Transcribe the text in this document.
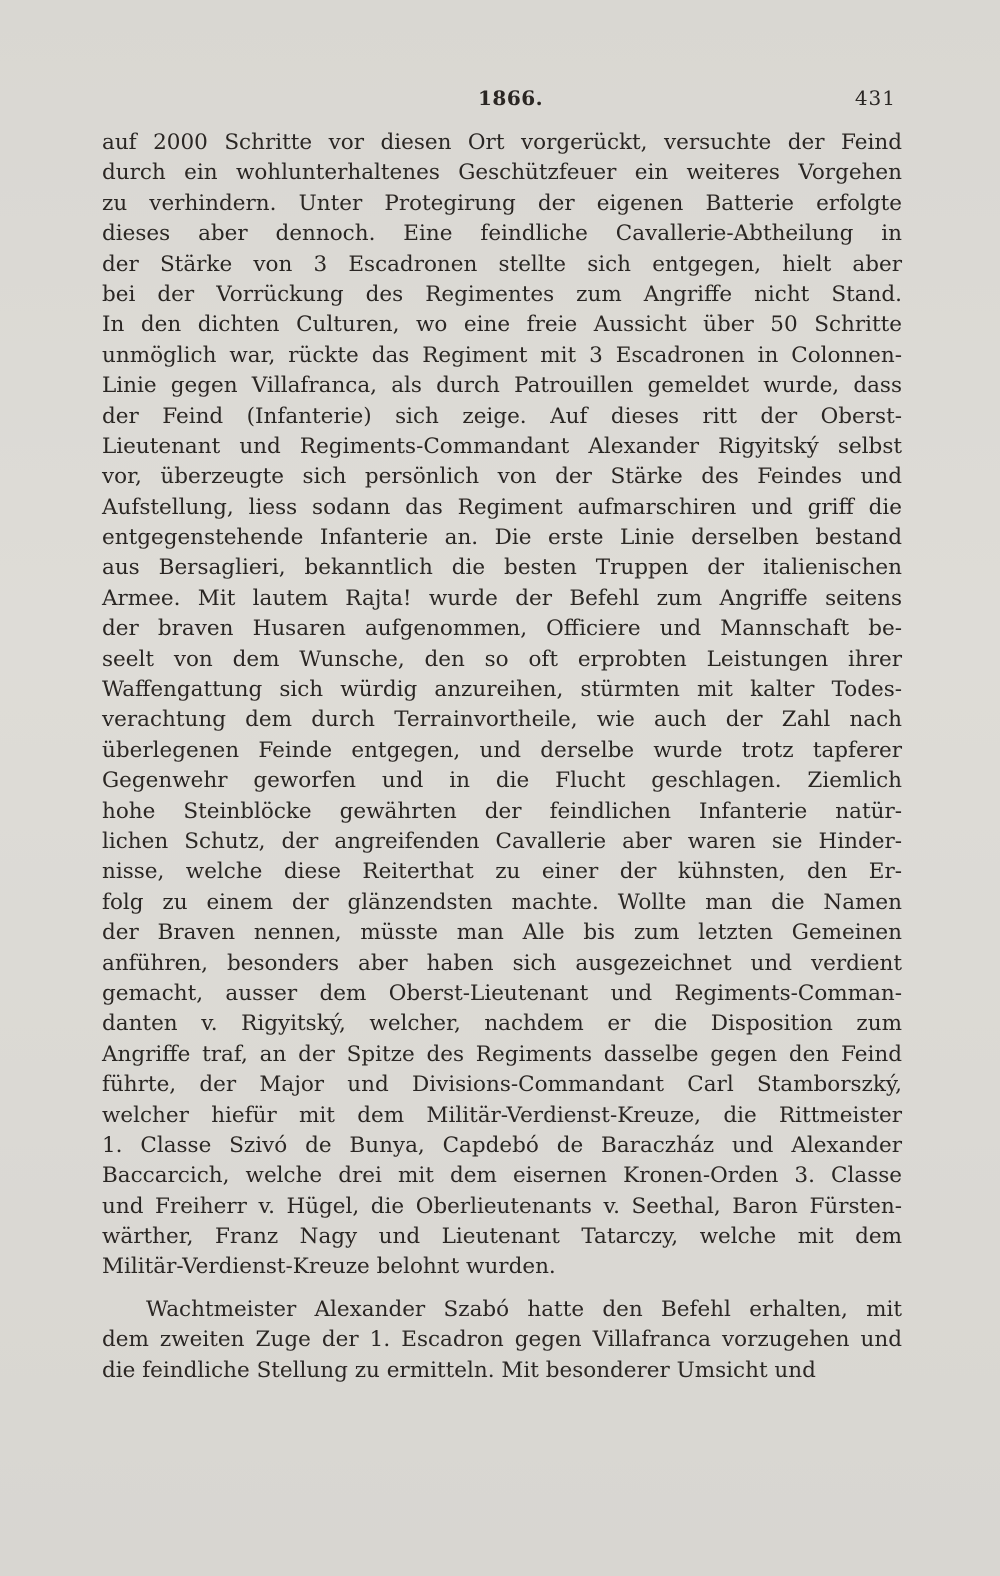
1866.	431
auf 2000 Schritte vor diesen Ort vorgerückt, versuchte der Feind
durch ein wohlunterhaltenes Geschützfeuer ein weiteres Vorgehen
zu verhindern. Unter Protegirung der eigenen Batterie erfolgte
dieses aber dennoch. Eine feindliche Cavallerie-Abtheilung in
der Stärke von 3 Escadronen stellte sich entgegen, hielt aber
bei der Vorrückung des Regimentes zum Angriffe nicht Stand.
In den dichten Culturen, wo eine freie Aussicht über 50 Schritte
unmöglich war, rückte das Regiment mit 3 Escadronen in Colonnen-
Linie gegen Villafranca, als durch Patrouillen gemeldet wurde, dass
der Feind (Infanterie) sich zeige. Auf dieses ritt der Oberst-
Lieutenant und Regiments-Commandant Alexander Rigyitský selbst
vor, überzeugte sich persönlich von der Stärke des Feindes und
Aufstellung, liess sodann das Regiment aufmarschiren und griff die
entgegenstehende Infanterie an. Die erste Linie derselben bestand
aus Bersaglieri, bekanntlich die besten Truppen der italienischen
Armee. Mit lautem Rajta! wurde der Befehl zum Angriffe seitens
der braven Husaren aufgenommen, Officiere und Mannschaft be-
seelt von dem Wunsche, den so oft erprobten Leistungen ihrer
Waffengattung sich würdig anzureihen, stürmten mit kalter Todes-
verachtung dem durch Terrainvortheile, wie auch der Zahl nach
überlegenen Feinde entgegen, und derselbe wurde trotz tapferer
Gegenwehr geworfen und in die Flucht geschlagen. Ziemlich
hohe Steinblöcke gewährten der feindlichen Infanterie natür-
lichen Schutz, der angreifenden Cavallerie aber waren sie Hinder-
nisse, welche diese Reiterthat zu einer der kühnsten, den Er-
folg zu einem der glänzendsten machte. Wollte man die Namen
der Braven nennen, müsste man Alle bis zum letzten Gemeinen
anführen, besonders aber haben sich ausgezeichnet und verdient
gemacht, ausser dem Oberst-Lieutenant und Regiments-Comman-
danten v. Rigyitský, welcher, nachdem er die Disposition zum
Angriffe traf, an der Spitze des Regiments dasselbe gegen den Feind
führte, der Major und Divisions-Commandant Carl Stamborszký,
welcher hiefür mit dem Militär-Verdienst-Kreuze, die Rittmeister
1. Classe Szivó de Bunya, Capdebó de Baraczház und Alexander
Baccarcich, welche drei mit dem eisernen Kronen-Orden 3. Classe
und Freiherr v. Hügel, die Oberlieutenants v. Seethal, Baron Fürsten-
wärther, Franz Nagy und Lieutenant Tatarczy, welche mit dem
Militär-Verdienst-Kreuze belohnt wurden.
Wachtmeister Alexander Szabó hatte den Befehl erhalten, mit
dem zweiten Zuge der 1. Escadron gegen Villafranca vorzugehen und
die feindliche Stellung zu ermitteln. Mit besonderer Umsicht und
